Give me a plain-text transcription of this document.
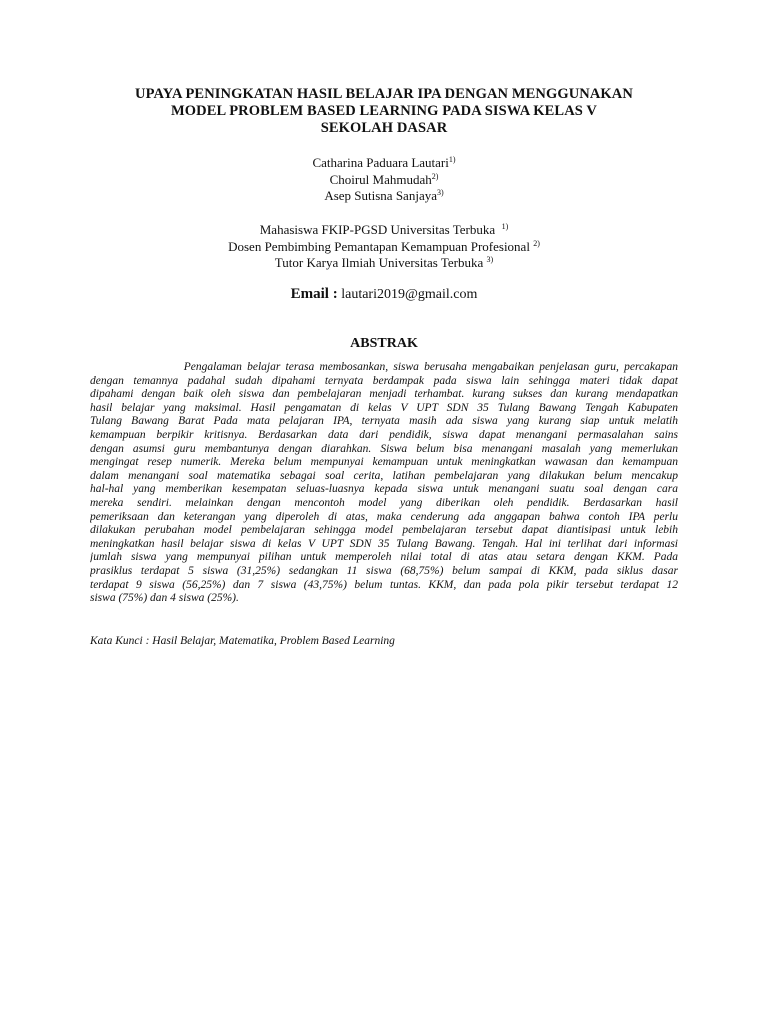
UPAYA PENINGKATAN HASIL BELAJAR IPA DENGAN MENGGUNAKAN
MODEL PROBLEM BASED LEARNING PADA SISWA KELAS V
SEKOLAH DASAR
Catharina Paduara Lautari$^{1)}$
Choirul Mahmudah$^{2)}$
Asep Sutisna Sanjaya$^{3)}$
Mahasiswa FKIP-PGSD Universitas Terbuka $^{1)}$
Dosen Pembimbing Pemantapan Kemampuan Profesional $^{2)}$
Tutor Karya Ilmiah Universitas Terbuka $^{3)}$
Email : lautari2019@gmail.com
ABSTRAK
Pengalaman belajar terasa membosankan, siswa berusaha mengabaikan penjelasan guru, percakapan
dengan temannya padahal sudah dipahami ternyata berdampak pada siswa lain sehingga materi tidak dapat
dipahami dengan baik oleh siswa dan pembelajaran menjadi terhambat. kurang sukses dan kurang mendapatkan
hasil belajar yang maksimal. Hasil pengamatan di kelas V UPT SDN 35 Tulang Bawang Tengah Kabupaten
Tulang Bawang Barat Pada mata pelajaran IPA, ternyata masih ada siswa yang kurang siap untuk melatih
kemampuan berpikir kritisnya. Berdasarkan data dari pendidik, siswa dapat menangani permasalahan sains
dengan asumsi guru membantunya dengan diarahkan. Siswa belum bisa menangani masalah yang memerlukan
mengingat resep numerik. Mereka belum mempunyai kemampuan untuk meningkatkan wawasan dan kemampuan
dalam menangani soal matematika sebagai soal cerita, latihan pembelajaran yang dilakukan belum mencakup
hal-hal yang memberikan kesempatan seluas-luasnya kepada siswa untuk menangani suatu soal dengan cara
mereka sendiri. melainkan dengan mencontoh model yang diberikan oleh pendidik. Berdasarkan hasil
pemeriksaan dan keterangan yang diperoleh di atas, maka cenderung ada anggapan bahwa contoh IPA perlu
dilakukan perubahan model pembelajaran sehingga model pembelajaran tersebut dapat diantisipasi untuk lebih
meningkatkan hasil belajar siswa di kelas V UPT SDN 35 Tulang Bawang. Tengah. Hal ini terlihat dari informasi
jumlah siswa yang mempunyai pilihan untuk memperoleh nilai total di atas atau setara dengan KKM. Pada
prasiklus terdapat 5 siswa (31,25%) sedangkan 11 siswa (68,75%) belum sampai di KKM, pada siklus dasar
terdapat 9 siswa (56,25%) dan 7 siswa (43,75%) belum tuntas. KKM, dan pada pola pikir tersebut terdapat 12
siswa (75%) dan 4 siswa (25%).
Kata Kunci : Hasil Belajar, Matematika, Problem Based Learning
